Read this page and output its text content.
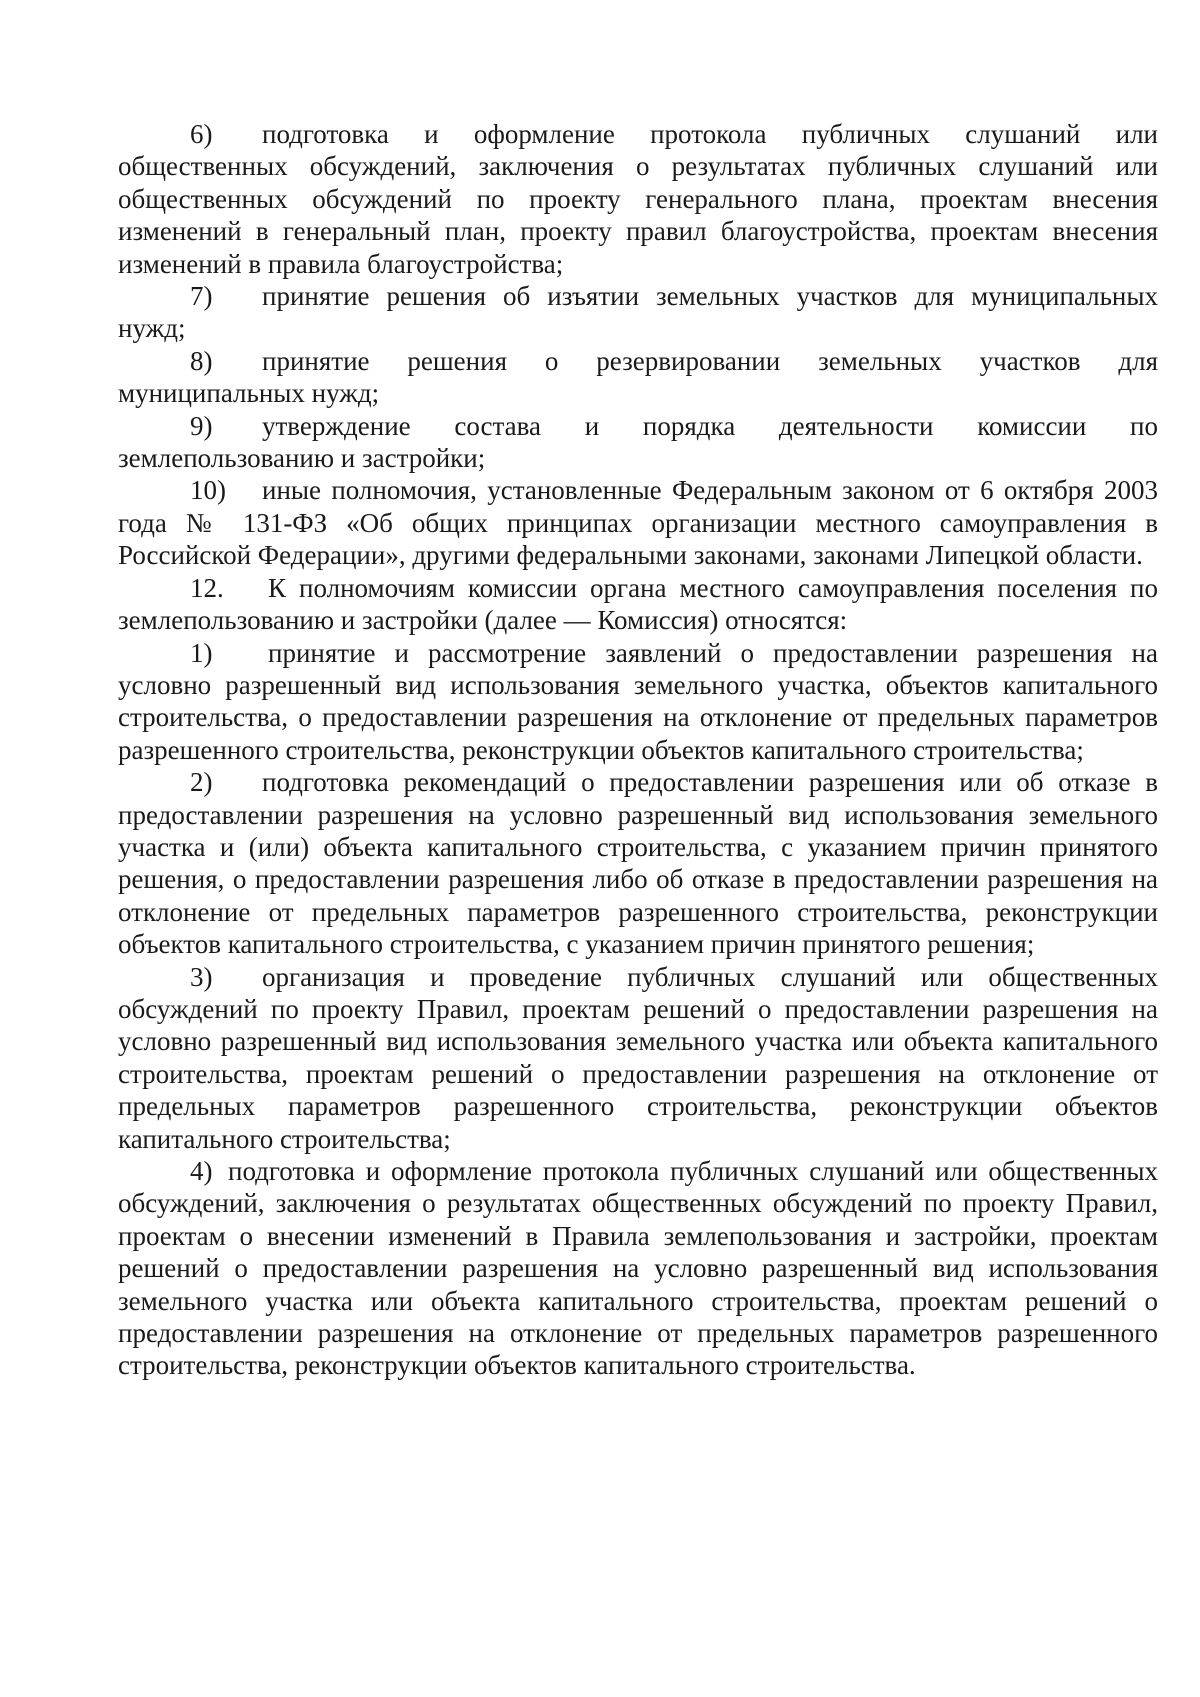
6) подготовка и оформление протокола публичных слушаний или общественных обсуждений, заключения о результатах публичных слушаний или общественных обсуждений по проекту генерального плана, проектам внесения изменений в генеральный план, проекту правил благоустройства, проектам внесения изменений в правила благоустройства;

7) принятие решения об изъятии земельных участков для муниципальных нужд;

8) принятие решения о резервировании земельных участков для муниципальных нужд;

9) утверждение состава и порядка деятельности комиссии по землепользованию и застройки;

10) иные полномочия, установленные Федеральным законом от 6 октября 2003 года № 131-ФЗ «Об общих принципах организации местного самоуправления в Российской Федерации», другими федеральными законами, законами Липецкой области.

12. К полномочиям комиссии органа местного самоуправления поселения по землепользованию и застройки (далее — Комиссия) относятся:

1) принятие и рассмотрение заявлений о предоставлении разрешения на условно разрешенный вид использования земельного участка, объектов капитального строительства, о предоставлении разрешения на отклонение от предельных параметров разрешенного строительства, реконструкции объектов капитального строительства;

2) подготовка рекомендаций о предоставлении разрешения или об отказе в предоставлении разрешения на условно разрешенный вид использования земельного участка и (или) объекта капитального строительства, с указанием причин принятого решения, о предоставлении разрешения либо об отказе в предоставлении разрешения на отклонение от предельных параметров разрешенного строительства, реконструкции объектов капитального строительства, с указанием причин принятого решения;

3) организация и проведение публичных слушаний или общественных обсуждений по проекту Правил, проектам решений о предоставлении разрешения на условно разрешенный вид использования земельного участка или объекта капитального строительства, проектам решений о предоставлении разрешения на отклонение от предельных параметров разрешенного строительства, реконструкции объектов капитального строительства;

4) подготовка и оформление протокола публичных слушаний или общественных обсуждений, заключения о результатах общественных обсуждений по проекту Правил, проектам о внесении изменений в Правила землепользования и застройки, проектам решений о предоставлении разрешения на условно разрешенный вид использования земельного участка или объекта капитального строительства, проектам решений о предоставлении разрешения на отклонение от предельных параметров разрешенного строительства, реконструкции объектов капитального строительства.
